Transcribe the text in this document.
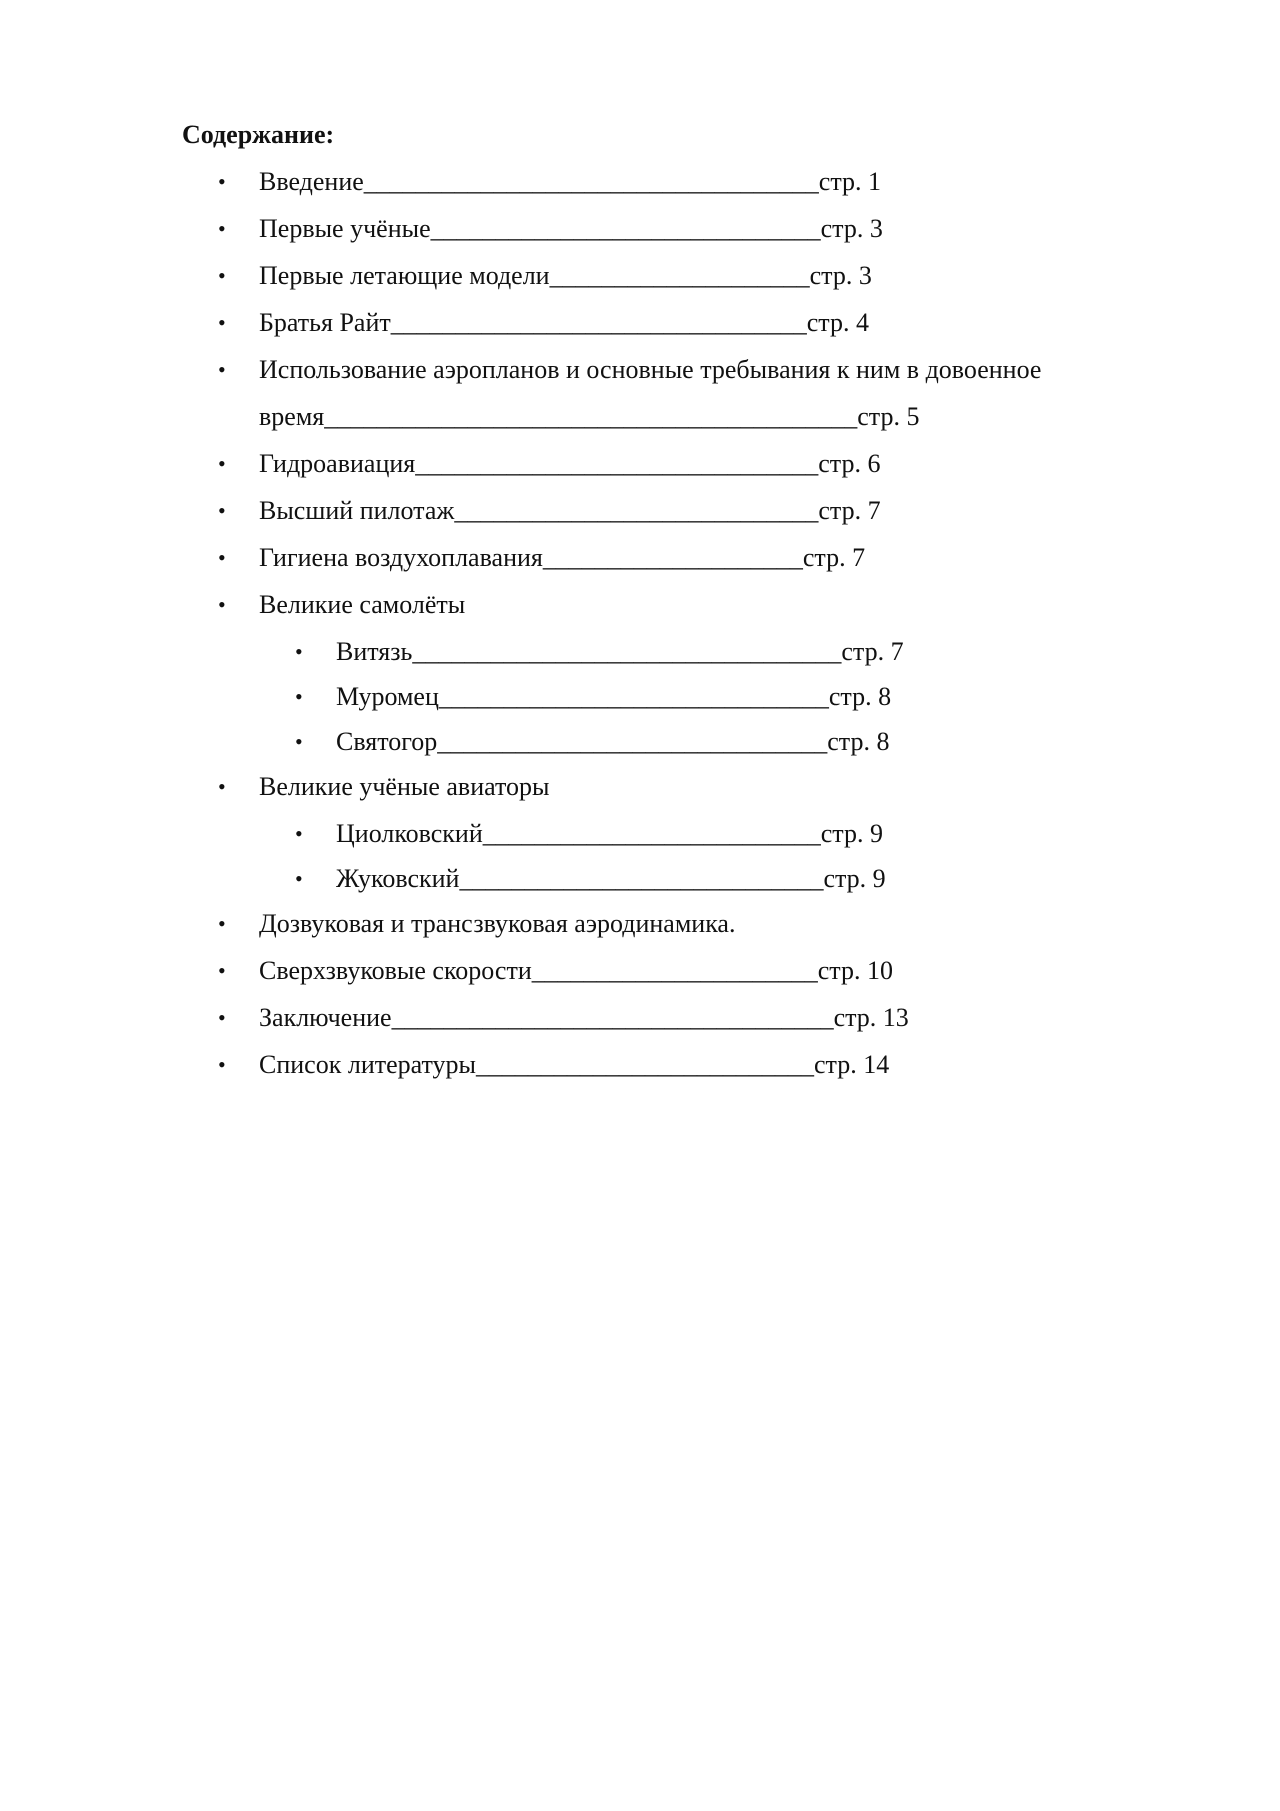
Содержание:
• Введение___________________________________стр. 1
• Первые учёные______________________________стр. 3
• Первые летающие модели____________________стр. 3
• Братья Райт________________________________стр. 4
• Использование аэропланов и основные требывания к ним в довоенное
время_________________________________________стр. 5
• Гидроавиация_______________________________стр. 6
• Высший пилотаж____________________________стр. 7
• Гигиена воздухоплавания____________________стр. 7
• Великие самолёты
• Витязь_________________________________стр. 7
• Муромец______________________________стр. 8
• Святогор______________________________стр. 8
• Великие учёные авиаторы
• Циолковский__________________________стр. 9
• Жуковский____________________________стр. 9
• Дозвуковая и трансзвуковая аэродинамика.
• Сверхзвуковые скорости______________________стр. 10
• Заключение__________________________________стр. 13
• Список литературы__________________________стр. 14
